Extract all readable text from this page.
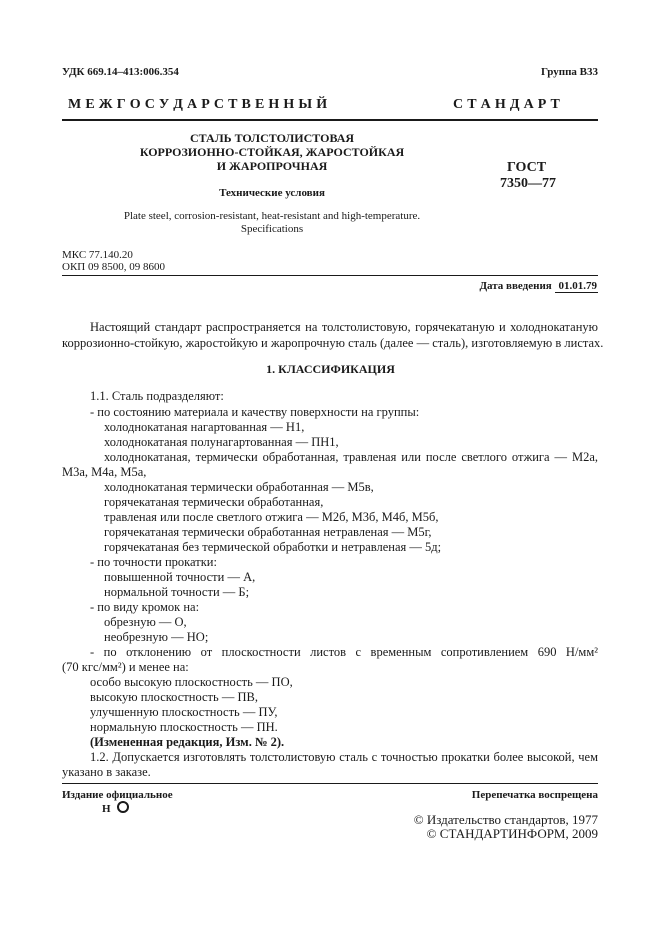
УДК 669.14–413:006.354	Группа В33
М Е Ж Г О С У Д А Р С Т В Е Н Н Ы Й	С Т А Н Д А Р Т
СТАЛЬ ТОЛСТОЛИСТОВАЯ
КОРРОЗИОННО-СТОЙКАЯ, ЖАРОСТОЙКАЯ
И ЖАРОПРОЧНАЯ
Технические условия
Plate steel, corrosion-resistant, heat-resistant and high-temperature.
Specifications
ГОСТ
7350—77
МКС 77.140.20
ОКП 09 8500, 09 8600
Дата введения 01.01.79
Настоящий стандарт распространяется на толстолистовую, горячекатаную и холоднокатаную
коррозионно-стойкую, жаростойкую и жаропрочную сталь (далее — сталь), изготовляемую в листах.
1. КЛАССИФИКАЦИЯ
1.1. Сталь подразделяют:
- по состоянию материала и качеству поверхности на группы:
холоднокатаная нагартованная — Н1,
холоднокатаная полунагартованная — ПН1,
холоднокатаная, термически обработанная, травленая или после светлого отжига — М2а,
М3а, М4а, М5а,
холоднокатаная термически обработанная — М5в,
горячекатаная термически обработанная,
травленая или после светлого отжига — М2б, М3б, М4б, М5б,
горячекатаная термически обработанная нетравленая — М5г,
горячекатаная без термической обработки и нетравленая — 5д;
- по точности прокатки:
повышенной точности — А,
нормальной точности — Б;
- по виду кромок на:
обрезную — О,
необрезную — НО;
- по отклонению от плоскостности листов с временным сопротивлением 690 Н/мм²
(70 кгс/мм²) и менее на:
особо высокую плоскостность — ПО,
высокую плоскостность — ПВ,
улучшенную плоскостность — ПУ,
нормальную плоскостность — ПН.
(Измененная редакция, Изм. № 2).
1.2. Допускается изготовлять толстолистовую сталь с точностью прокатки более высокой, чем
указано в заказе.
Издание официальное
Н
Перепечатка воспрещена
© Издательство стандартов, 1977
© СТАНДАРТИНФОРМ, 2009
